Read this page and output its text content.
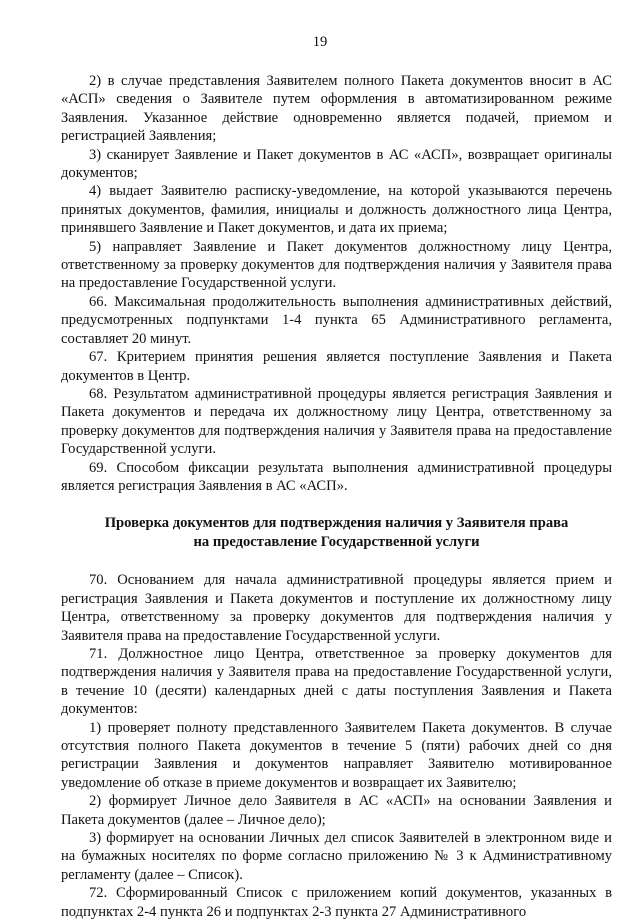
19

2) в случае представления Заявителем полного Пакета документов вносит в АС «АСП» сведения о Заявителе путем оформления в автоматизированном режиме Заявления. Указанное действие одновременно является подачей, приемом и регистрацией Заявления;

3) сканирует Заявление и Пакет документов в АС «АСП», возвращает оригиналы документов;

4) выдает Заявителю расписку-уведомление, на которой указываются перечень принятых документов, фамилия, инициалы и должность должностного лица Центра, принявшего Заявление и Пакет документов, и дата их приема;

5) направляет Заявление и Пакет документов должностному лицу Центра, ответственному за проверку документов для подтверждения наличия у Заявителя права на предоставление Государственной услуги.

66. Максимальная продолжительность выполнения административных действий, предусмотренных подпунктами 1-4 пункта 65 Административного регламента, составляет 20 минут.

67. Критерием принятия решения является поступление Заявления и Пакета документов в Центр.

68. Результатом административной процедуры является регистрация Заявления и Пакета документов и передача их должностному лицу Центра, ответственному за проверку документов для подтверждения наличия у Заявителя права на предоставление Государственной услуги.

69. Способом фиксации результата выполнения административной процедуры является регистрация Заявления в АС «АСП».

Проверка документов для подтверждения наличия у Заявителя права
на предоставление Государственной услуги

70. Основанием для начала административной процедуры является прием и регистрация Заявления и Пакета документов и поступление их должностному лицу Центра, ответственному за проверку документов для подтверждения наличия у Заявителя права на предоставление Государственной услуги.

71. Должностное лицо Центра, ответственное за проверку документов для подтверждения наличия у Заявителя права на предоставление Государственной услуги, в течение 10 (десяти) календарных дней с даты поступления Заявления и Пакета документов:

1) проверяет полноту представленного Заявителем Пакета документов. В случае отсутствия полного Пакета документов в течение 5 (пяти) рабочих дней со дня регистрации Заявления и документов направляет Заявителю мотивированное уведомление об отказе в приеме документов и возвращает их Заявителю;

2) формирует Личное дело Заявителя в АС «АСП» на основании Заявления и Пакета документов (далее – Личное дело);

3) формирует на основании Личных дел список Заявителей в электронном виде и на бумажных носителях по форме согласно приложению № 3 к Административному регламенту (далее – Список).

72. Сформированный Список с приложением копий документов, указанных в подпунктах 2-4 пункта 26 и подпунктах 2-3 пункта 27 Административного
